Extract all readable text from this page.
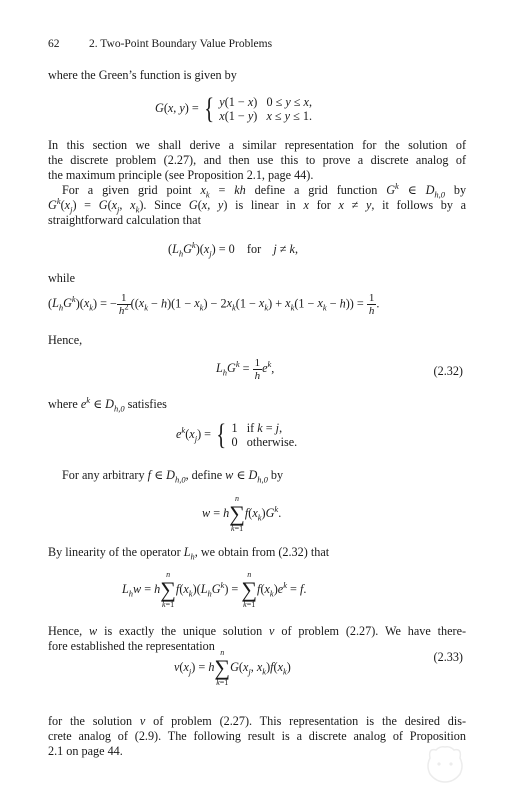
62	2. Two-Point Boundary Value Problems
where the Green’s function is given by
G(x, y) = { y(1 − x)   0 ≤ y ≤ x,
x(1 − y)   x ≤ y ≤ 1.
In this section we shall derive a similar representation for the solution of
the discrete problem (2.27), and then use this to prove a discrete analog of
the maximum principle (see Proposition 2.1, page 44).
For a given grid point $x_k$ = kh define a grid function $G^k$ ∈ $D_{h,0}$ by
$G^k(x_j) = G(x_j$, $x_k$). Since G(x, y) is linear in x for x ≠ y, it follows by a
straightforward calculation that
$(L_hG^k)(x_j) = 0$    for j ≠ k,
while
$(L_hG^k)(x_k)$ = − $\frac{1}{h^2} ((x_k - h)(1 - x_k) - 2x_k(1 - x_k) + x_k(1 - x_k - h)) = \frac{1}{h}$ .
Hence,
$L_hG^k = \frac{1}{h} e^k$,	(2.32)
where $e^k$ ∈ $D_{h,0}$ satisfies
$e^k(x_j)$ = { 1   if k = j,
0   otherwise.
For any arbitrary f ∈ $D_{h,0}$, define w ∈ $D_{h,0}$ by
w = hn
∑
$k=1f(x_k)G^k$.
By linearity of the operator $L_h$, we obtain from (2.32) that
$L_hw$ = hn
∑
$k=1f(x_k)(L_hG^k) = n$
∑
$k=1f(x_k)e^k = f$.
Hence, w is exactly the unique solution v of problem (2.27). We have there-
fore established the representation
$v(x_j)$ = hn
∑
$k=1G(x_j$, $x_k)f(x_k)$
(2.33)
for the solution v of problem (2.27). This representation is the desired dis-
crete analog of (2.9). The following result is a discrete analog of Proposition
2.1 on page 44.
